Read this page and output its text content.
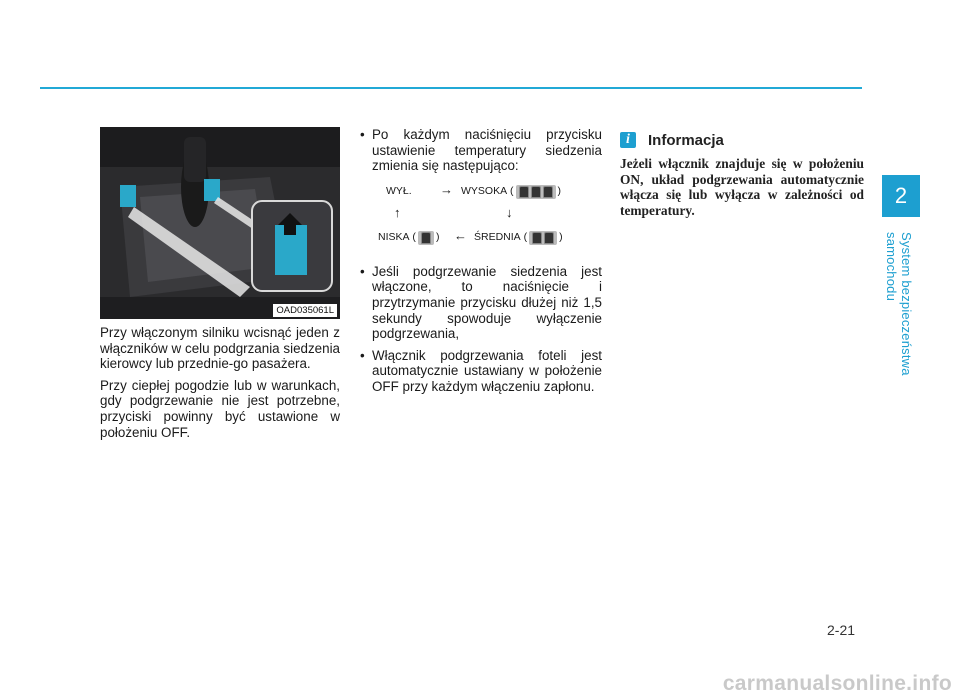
2
System bezpieczeństwa samochodu
OAD035061L

Przy włączonym silniku wcisnąć jeden z włączników w celu podgrzania siedzenia kierowcy lub przednie-go pasażera.

Przy ciepłej pogodzie lub w warunkach, gdy podgrzewanie nie jest potrzebne, przyciski powinny być ustawione w położeniu OFF.

• Po każdym naciśnięciu przycisku ustawienie temperatury siedzenia zmienia się następująco:

WYŁ. → WYSOKA (	)
↑	↓
NISKA ( ) ← ŚREDNIA (	)

• Jeśli podgrzewanie siedzenia jest włączone, to naciśnięcie i przytrzymanie przycisku dłużej niż 1,5 sekundy spowoduje wyłączenie podgrzewania,

• Włącznik podgrzewania foteli jest automatycznie ustawiany w położenie OFF przy każdym włączeniu zapłonu.

i	Informacja
Jeżeli włącznik znajduje się w położeniu ON, układ podgrzewania automatycznie włącza się lub wyłącza w zależności od temperatury.
2-21
carmanualsonline.info
